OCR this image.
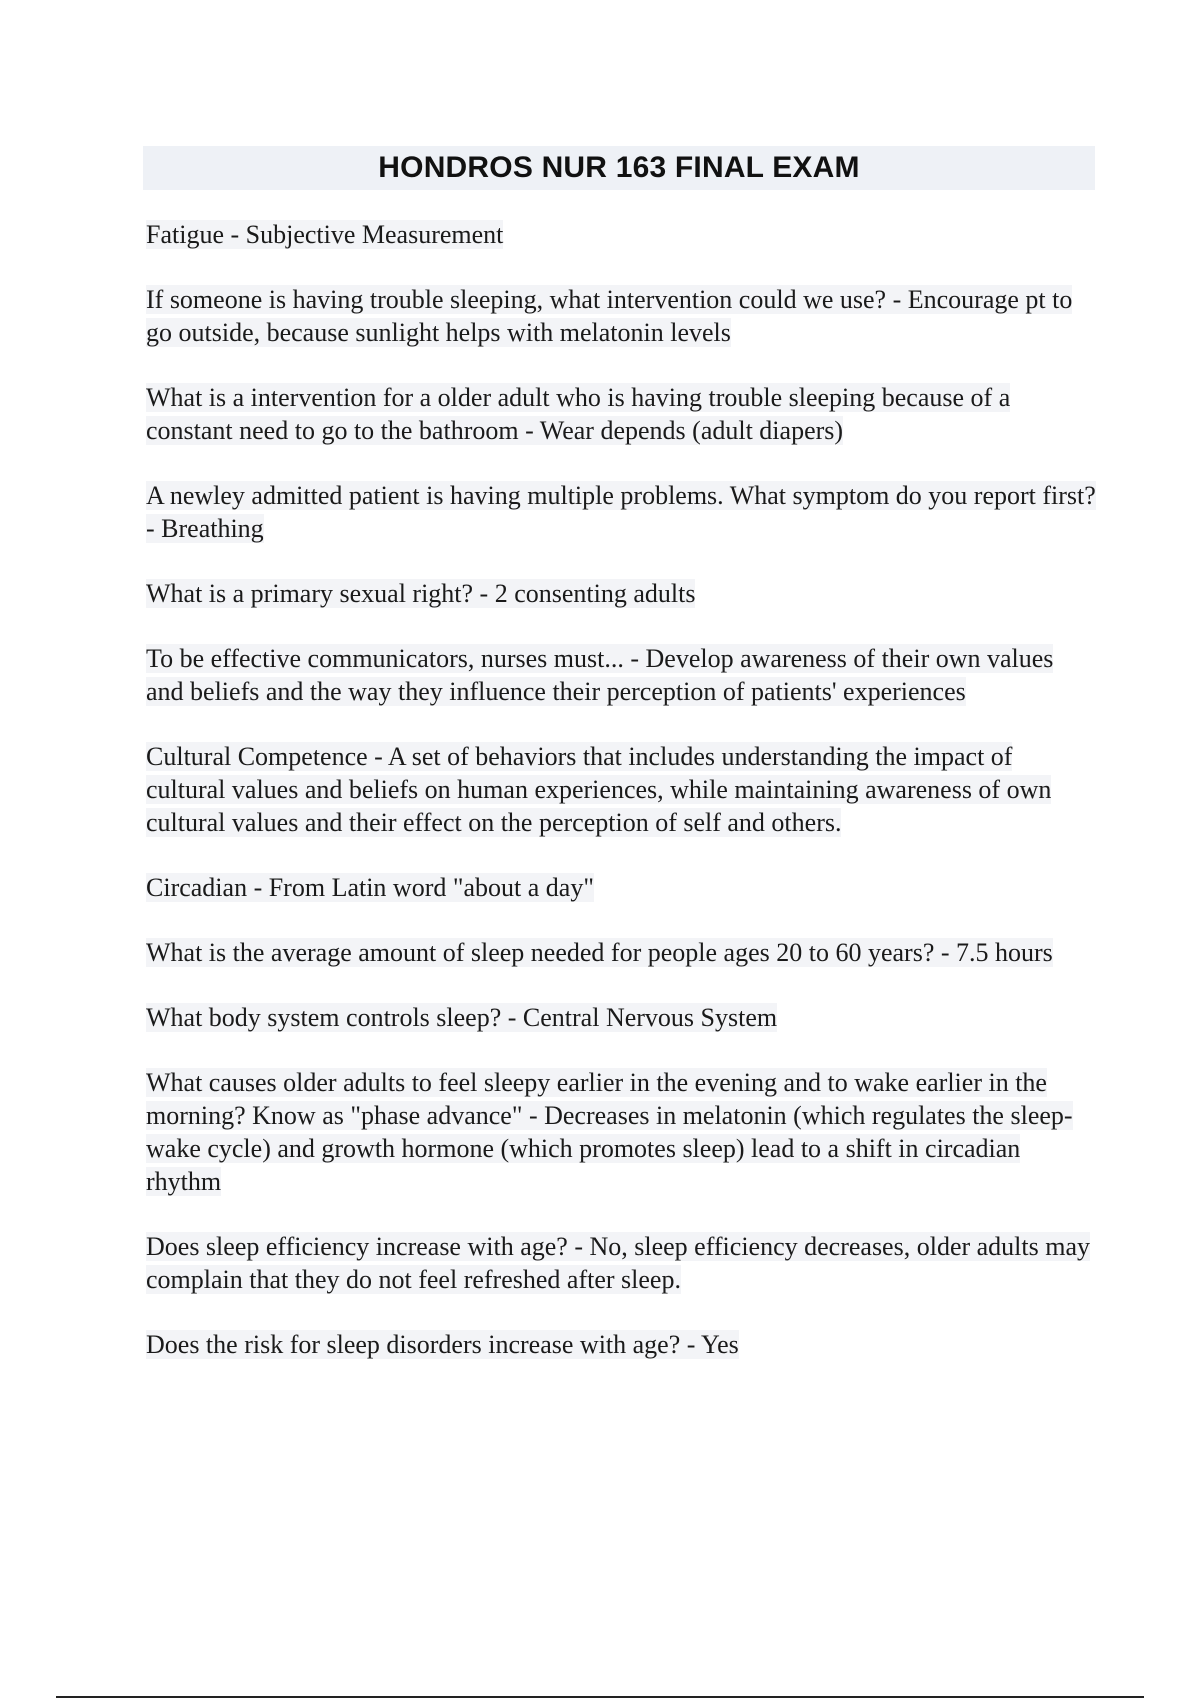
HONDROS NUR 163 FINAL EXAM

Fatigue - Subjective Measurement

If someone is having trouble sleeping, what intervention could we use? - Encourage pt to go outside, because sunlight helps with melatonin levels

What is a intervention for a older adult who is having trouble sleeping because of a constant need to go to the bathroom - Wear depends (adult diapers)

A newley admitted patient is having multiple problems. What symptom do you report first? - Breathing

What is a primary sexual right? - 2 consenting adults

To be effective communicators, nurses must... - Develop awareness of their own values and beliefs and the way they influence their perception of patients' experiences

Cultural Competence - A set of behaviors that includes understanding the impact of cultural values and beliefs on human experiences, while maintaining awareness of own cultural values and their effect on the perception of self and others.

Circadian - From Latin word "about a day"

What is the average amount of sleep needed for people ages 20 to 60 years? - 7.5 hours

What body system controls sleep? - Central Nervous System

What causes older adults to feel sleepy earlier in the evening and to wake earlier in the morning? Know as "phase advance" - Decreases in melatonin (which regulates the sleep-wake cycle) and growth hormone (which promotes sleep) lead to a shift in circadian rhythm

Does sleep efficiency increase with age? - No, sleep efficiency decreases, older adults may complain that they do not feel refreshed after sleep.

Does the risk for sleep disorders increase with age? - Yes
